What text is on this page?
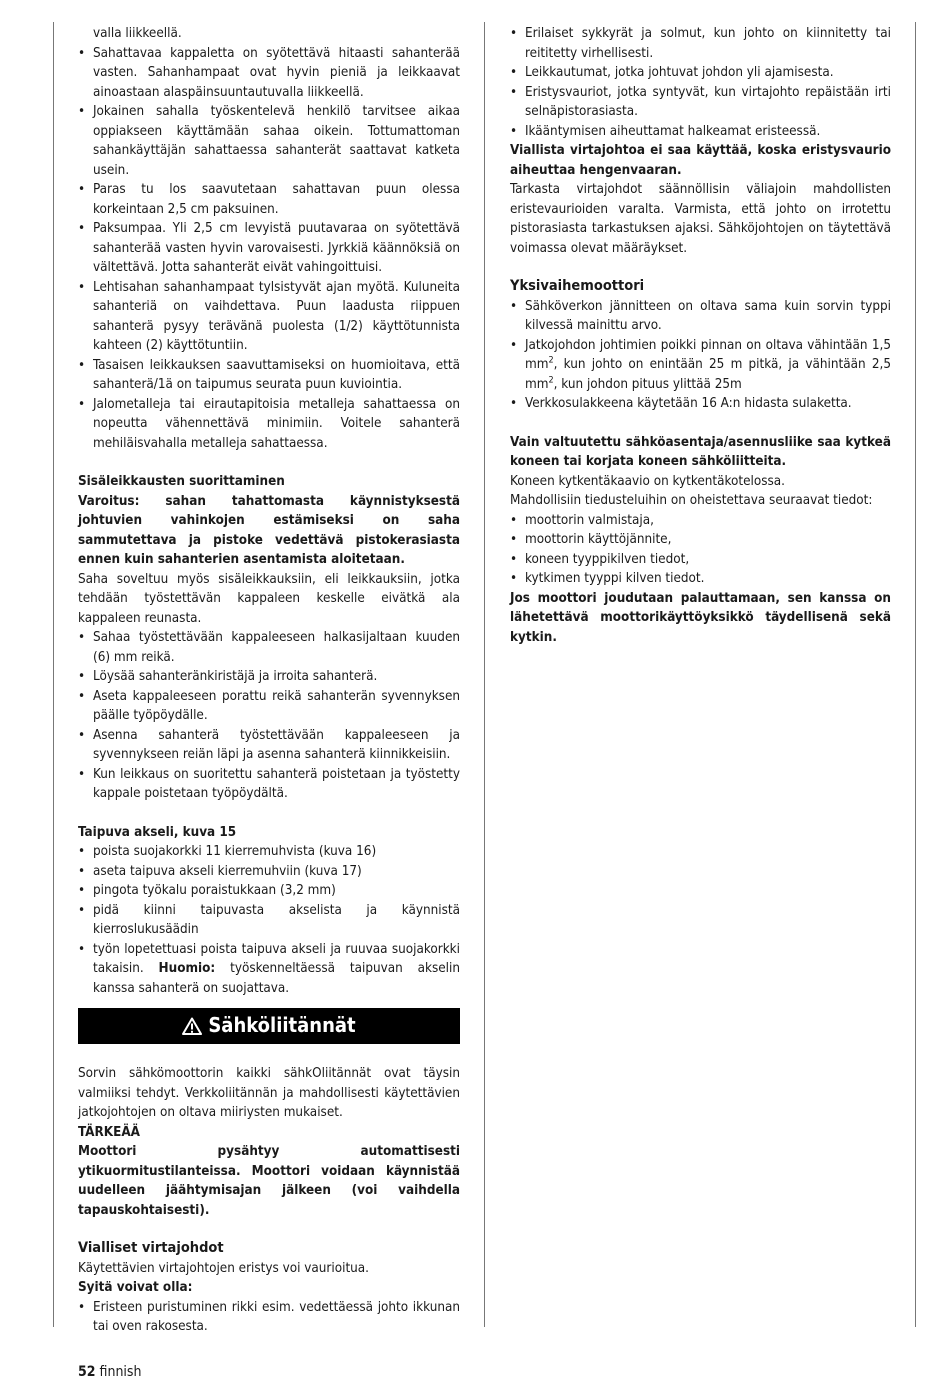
valla liikkeellä.
• Sahattavaa kappaletta on syötettävä hitaasti sahanterää vasten. Sahanhampaat ovat hyvin pieniä ja leikkaavat ainoastaan alaspäinsuuntautuvalla liikkeellä.
• Jokainen sahalla työskentelevä henkilö tarvitsee aikaa oppiakseen käyttämään sahaa oikein. Tottumattoman sahankäyttäjän sahattaessa sahanterät saattavat katketa usein.
• Paras tu los saavutetaan sahattavan puun olessa korkeintaan 2,5 cm paksuinen.
• Paksumpaa. Yli 2,5 cm levyistä puutavaraa on syötettävä sahanterää vasten hyvin varovaisesti. Jyrkkiä käännöksiä on vältettävä. Jotta sahanterät eivät vahingoittuisi.
• Lehtisahan sahanhampaat tylsistyvät ajan myötä. Kuluneita sahanteriä on vaihdettava. Puun laadusta riippuen sahanterä pysyy terävänä puolesta (1/2) käyttötunnista kahteen (2) käyttötuntiin.
• Tasaisen leikkauksen saavuttamiseksi on huomioitava, että sahanterä/1ä on taipumus seurata puun kuviointia.
• Jalometalleja tai eirautapitoisia metalleja sahattaessa on nopeutta vähennettävä minimiin. Voitele sahanterä mehiläisvahalla metalleja sahattaessa.

Sisäleikkausten suorittaminen

Varoitus: sahan tahattomasta käynnistyksestä johtuvien vahinkojen estämiseksi on saha sammutettava ja pistoke vedettävä pistokerasiasta ennen kuin sahanterien asentamista aloitetaan.

Saha soveltuu myös sisäleikkauksiin, eli leikkauksiin, jotka tehdään työstettävän kappaleen keskelle eivätkä ala kappaleen reunasta.

• Sahaa työstettävään kappaleeseen halkasijaltaan kuuden (6) mm reikä.
• Löysää sahanteränkiristäjä ja irroita sahanterä.
• Aseta kappaleeseen porattu reikä sahanterän syvennyksen päälle työpöydälle.
• Asenna sahanterä työstettävään kappaleeseen ja syvennykseen reiän läpi ja asenna sahanterä kiinnikkeisiin.
• Kun leikkaus on suoritettu sahanterä poistetaan ja työstetty kappale poistetaan työpöydältä.

Taipuva akseli, kuva 15

• poista suojakorkki 11 kierremuhvista (kuva 16)
• aseta taipuva akseli kierremuhviin (kuva 17)
• pingota työkalu poraistukkaan (3,2 mm)
• pidä kiinni taipuvasta akselista ja käynnistä kierroslukusäädin
• työn lopetettuasi poista taipuva akseli ja ruuvaa suojakorkki takaisin. Huomio: työskenneltäessä taipuvan akselin kanssa sahanterä on suojattava.
Sähköliitännät

Sorvin sähkömoottorin kaikki sähkOliitännät ovat täysin valmiiksi tehdyt. Verkkoliitännän ja mahdollisesti käytettävien jatkojohtojen on oltava miiriysten mukaiset.

TÄRKEÄÄ

Moottori pysähtyy automattisesti ytikuormitustilanteissa. Moottori voidaan käynnistää uudelleen jäähtymisajan jälkeen (voi vaihdella tapauskohtaisesti).

Vialliset virtajohdot

Käytettävien virtajohtojen eristys voi vaurioitua.

Syitä voivat olla:

• Eristeen puristuminen rikki esim. vedettäessä johto ikkunan tai oven rakosesta.
• Erilaiset sykkyrät ja solmut, kun johto on kiinnitetty tai reititetty virhellisesti.
• Leikkautumat, jotka johtuvat johdon yli ajamisesta.
• Eristysvauriot, jotka syntyvät, kun virtajohto repäistään irti selnäpistorasiasta.
• Ikääntymisen aiheuttamat halkeamat eristeessä.

Viallista virtajohtoa ei saa käyttää, koska eristysvaurio aiheuttaa hengenvaaran.

Tarkasta virtajohdot säännöllisin väliajoin mahdollisten eristevaurioiden varalta. Varmista, että johto on irrotettu pistorasiasta tarkastuksen ajaksi. Sähköjohtojen on täytettävä voimassa olevat määräykset.

Yksivaihemoottori

• Sähköverkon jännitteen on oltava sama kuin sorvin typpi kilvessä mainittu arvo.
• Jatkojohdon johtimien poikki pinnan on oltava vähintään 1,5 $mm^2$, kun johto on enintään 25 m pitkä, ja vähintään 2,5 $mm^2$, kun johdon pituus ylittää 25m
• Verkkosulakkeena käytetään 16 A:n hidasta sulaketta.

Vain valtuutettu sähköasentaja/asennusliike saa kytkeä koneen tai korjata koneen sähköliitteita.

Koneen kytkentäkaavio on kytkentäkotelossa.

Mahdollisiin tiedusteluihin on oheistettava seuraavat tiedot:

• moottorin valmistaja,
• moottorin käyttöjännite,
• koneen tyyppikilven tiedot,
• kytkimen tyyppi kilven tiedot.

Jos moottori joudutaan palauttamaan, sen kanssa on lähetettävä moottorikäyttöyksikkö täydellisenä sekä kytkin.

52 finnish
